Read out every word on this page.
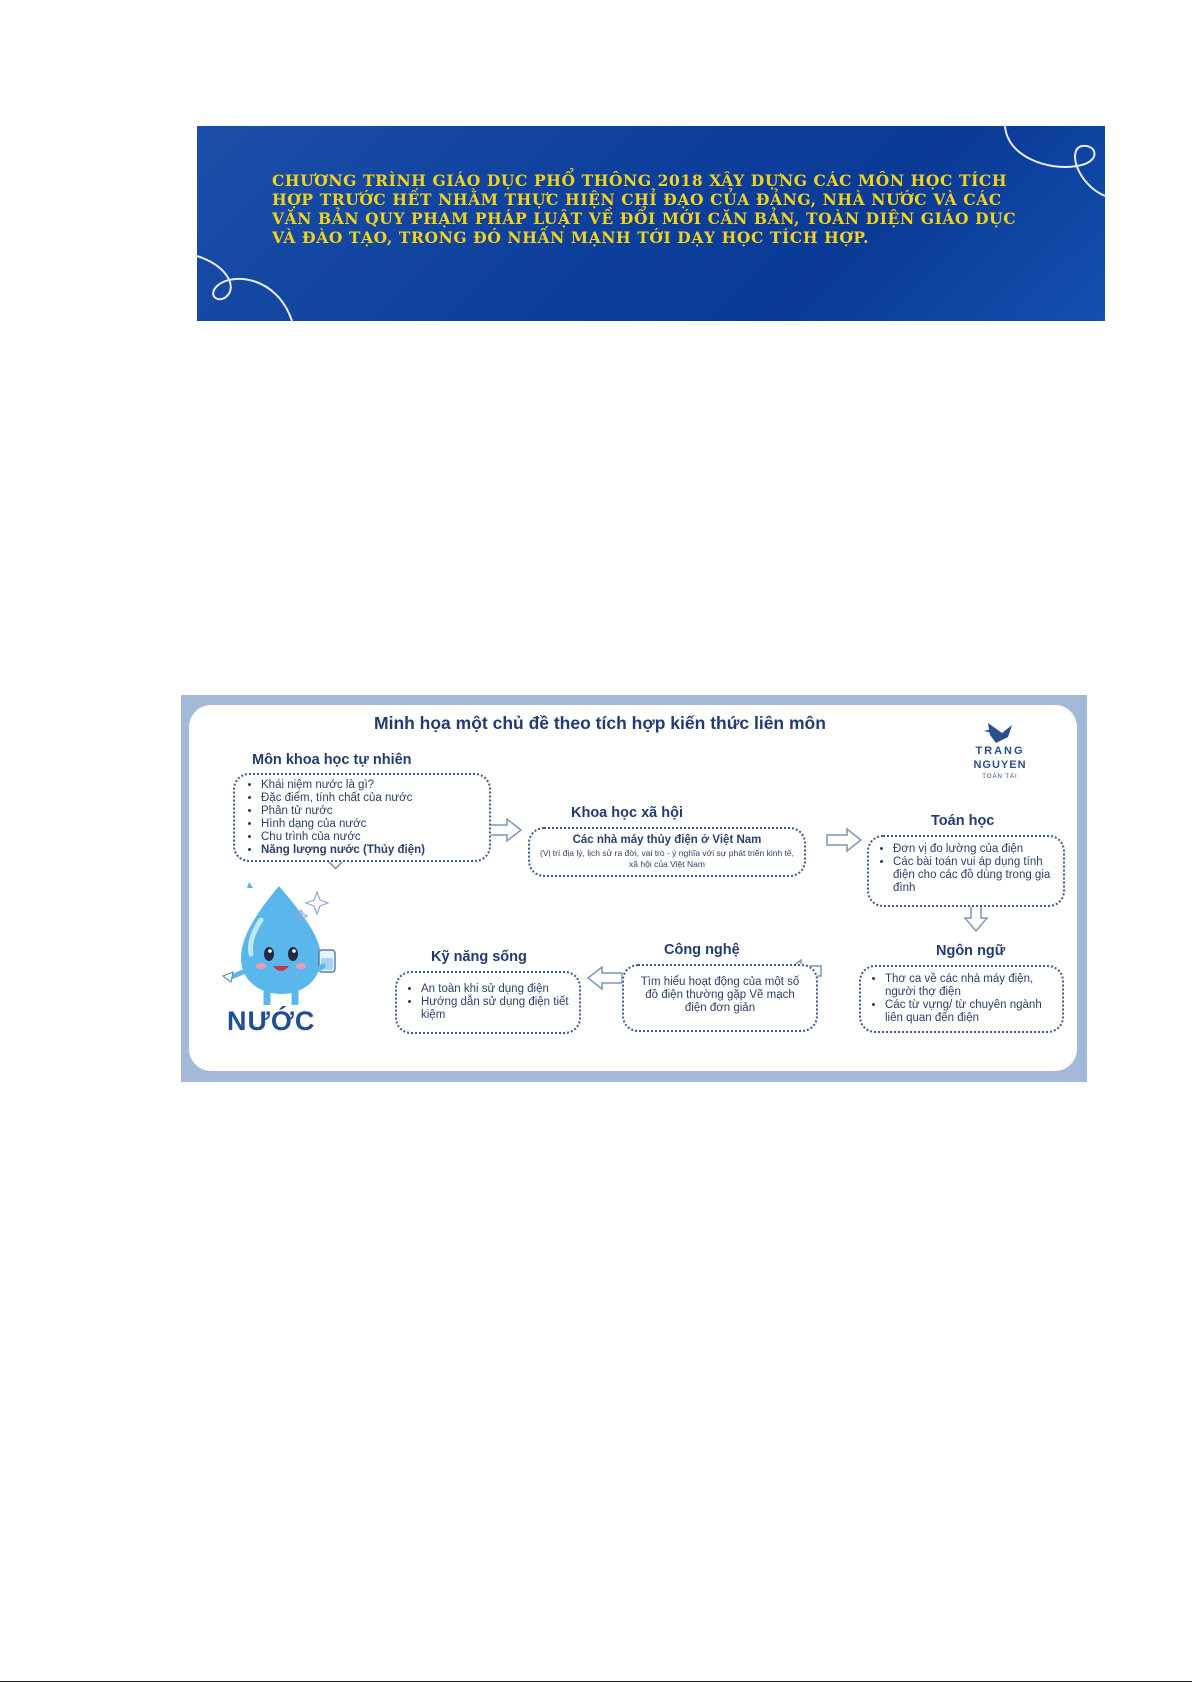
CHƯƠNG TRÌNH GIÁO DỤC PHỔ THÔNG 2018 XÂY DỰNG CÁC MÔN HỌC TÍCH HỢP TRƯỚC HẾT NHẰM THỰC HIỆN CHỈ ĐẠO CỦA ĐẢNG, NHÀ NƯỚC VÀ CÁC VĂN BẢN QUY PHẠM PHÁP LUẬT VỀ ĐỔI MỚI CĂN BẢN, TOÀN DIỆN GIÁO DỤC VÀ ĐÀO TẠO, TRONG ĐÓ NHẤN MẠNH TỚI DẠY HỌC TÍCH HỢP.

Minh họa một chủ đề theo tích hợp kiến thức liên môn

TRANG
NGUYEN
TOÀN TÀI
NƯỚC
Môn khoa học tự nhiên
• Khái niệm nước là gì?
• Đặc điểm, tính chất của nước
• Phân tử nước
• Hình dạng của nước
• Chu trình của nước
• Năng lượng nước (Thủy điện)
Khoa học xã hội

Các nhà máy thủy điện ở Việt Nam

(Vị trí địa lý, lịch sử ra đời, vai trò - ý nghĩa với sự phát triển kinh tế, xã hội của Việt Nam

Toán học
• Đơn vị đo lường của điện
• Các bài toán vui áp dụng tính điện cho các đồ dùng trong gia đình
Ngôn ngữ
• Thơ ca về các nhà máy điện, người thợ điện
• Các từ vựng/ từ chuyên ngành liên quan đến điện
Công nghệ

Tìm hiểu hoạt động của một số đồ điện thường gặp Vẽ mạch điện đơn giản

Kỹ năng sống
• An toàn khi sử dụng điện
• Hướng dẫn sử dụng điện tiết kiệm
